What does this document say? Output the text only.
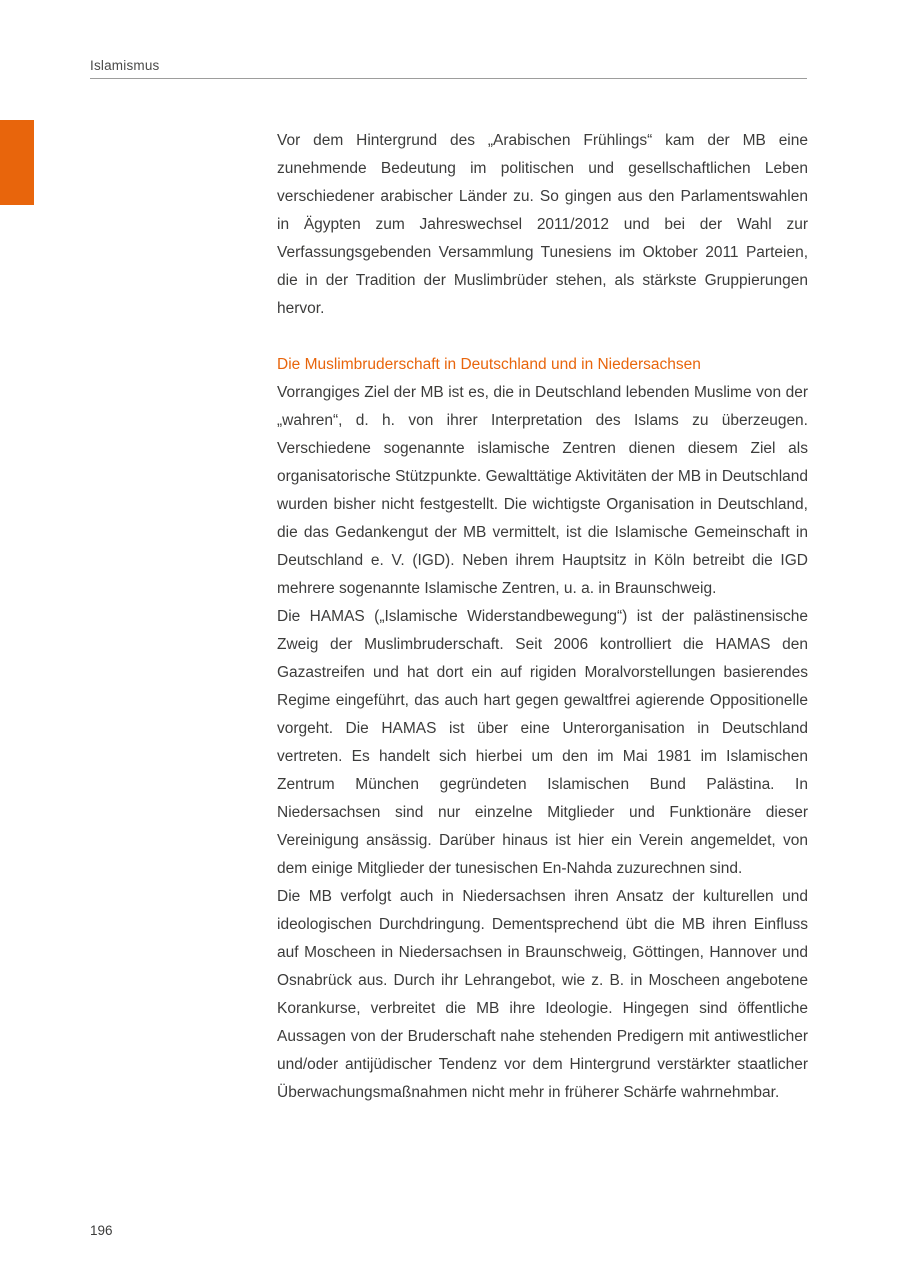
Islamismus

Vor dem Hintergrund des „Arabischen Frühlings“ kam der MB eine zunehmende Bedeutung im politischen und gesellschaftlichen Leben verschiedener arabischer Länder zu. So gingen aus den Parlamentswahlen in Ägypten zum Jahreswechsel 2011/2012 und bei der Wahl zur Verfassungsgebenden Versammlung Tunesiens im Oktober 2011 Parteien, die in der Tradition der Muslimbrüder stehen, als stärkste Gruppierungen hervor.

Die Muslimbruderschaft in Deutschland und in Niedersachsen

Vorrangiges Ziel der MB ist es, die in Deutschland lebenden Muslime von der „wahren“, d. h. von ihrer Interpretation des Islams zu überzeugen. Verschiedene sogenannte islamische Zentren dienen diesem Ziel als organisatorische Stützpunkte. Gewalttätige Aktivitäten der MB in Deutschland wurden bisher nicht festgestellt. Die wichtigste Organisation in Deutschland, die das Gedankengut der MB vermittelt, ist die Islamische Gemeinschaft in Deutschland e. V. (IGD). Neben ihrem Hauptsitz in Köln betreibt die IGD mehrere sogenannte Islamische Zentren, u. a. in Braunschweig.

Die HAMAS („Islamische Widerstandbewegung“) ist der palästinensische Zweig der Muslimbruderschaft. Seit 2006 kontrolliert die HAMAS den Gazastreifen und hat dort ein auf rigiden Moralvorstellungen basierendes Regime eingeführt, das auch hart gegen gewaltfrei agierende Oppositionelle vorgeht. Die HAMAS ist über eine Unterorganisation in Deutschland vertreten. Es handelt sich hierbei um den im Mai 1981 im Islamischen Zentrum München gegründeten Islamischen Bund Palästina. In Niedersachsen sind nur einzelne Mitglieder und Funktionäre dieser Vereinigung ansässig. Darüber hinaus ist hier ein Verein angemeldet, von dem einige Mitglieder der tunesischen En-Nahda zuzurechnen sind.

Die MB verfolgt auch in Niedersachsen ihren Ansatz der kulturellen und ideologischen Durchdringung. Dementsprechend übt die MB ihren Einfluss auf Moscheen in Niedersachsen in Braunschweig, Göttingen, Hannover und Osnabrück aus. Durch ihr Lehrangebot, wie z. B. in Moscheen angebotene Korankurse, verbreitet die MB ihre Ideologie. Hingegen sind öffentliche Aussagen von der Bruderschaft nahe stehenden Predigern mit antiwestlicher und/oder antijüdischer Tendenz vor dem Hintergrund verstärkter staatlicher Überwachungsmaßnahmen nicht mehr in früherer Schärfe wahrnehmbar.

196
